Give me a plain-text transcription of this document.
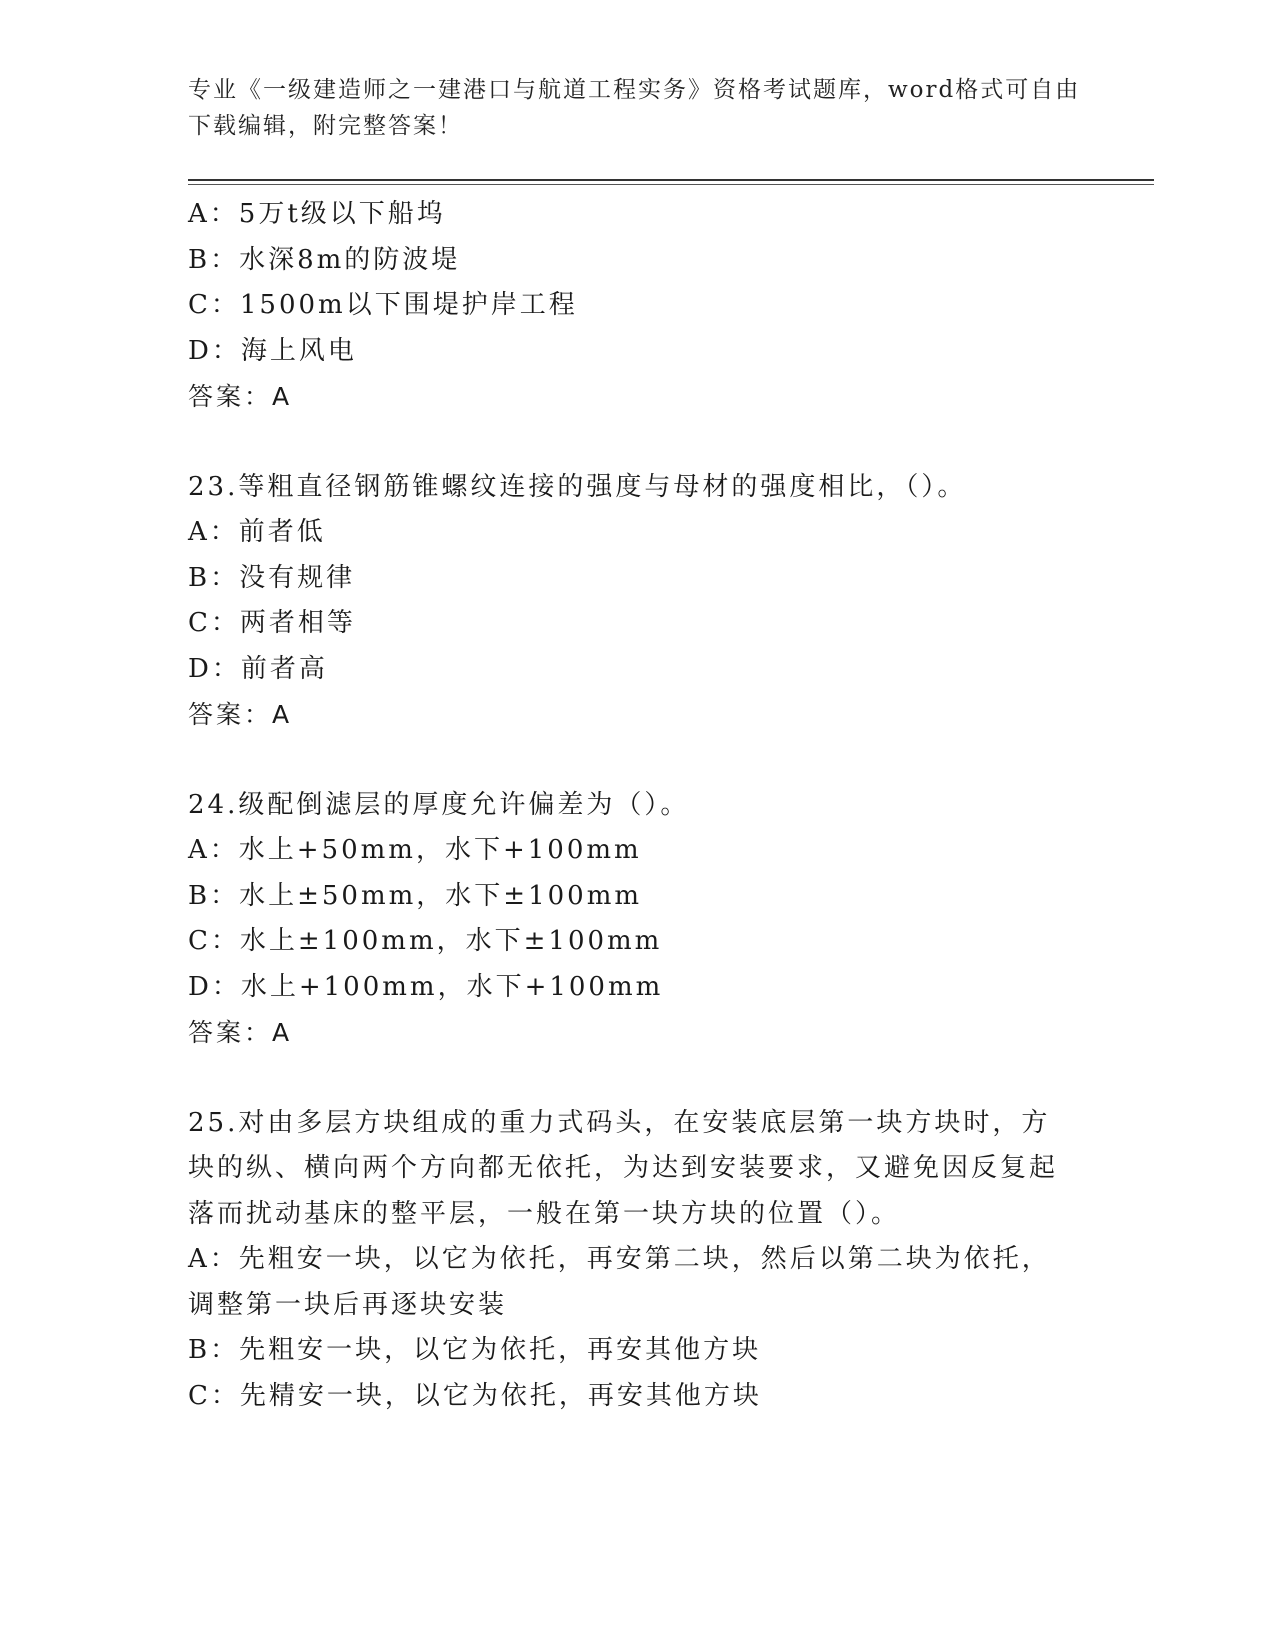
专业《一级建造师之一建港口与航道工程实务》资格考试题库，word格式可自由下载编辑，附完整答案！

A：5万t级以下船坞

B：水深8m的防波堤

C：1500m以下围堤护岸工程

D：海上风电

答案：A

23.等粗直径钢筋锥螺纹连接的强度与母材的强度相比，（）。

A：前者低

B：没有规律

C：两者相等

D：前者高

答案：A

24.级配倒滤层的厚度允许偏差为（）。

A：水上+50mm，水下+100mm

B：水上±50mm，水下±100mm

C：水上±100mm，水下±100mm

D：水上+100mm，水下+100mm

答案：A

25.对由多层方块组成的重力式码头，在安装底层第一块方块时，方块的纵、横向两个方向都无依托，为达到安装要求，又避免因反复起落而扰动基床的整平层，一般在第一块方块的位置（）。

A：先粗安一块，以它为依托，再安第二块，然后以第二块为依托，调整第一块后再逐块安装

B：先粗安一块，以它为依托，再安其他方块

C：先精安一块，以它为依托，再安其他方块
